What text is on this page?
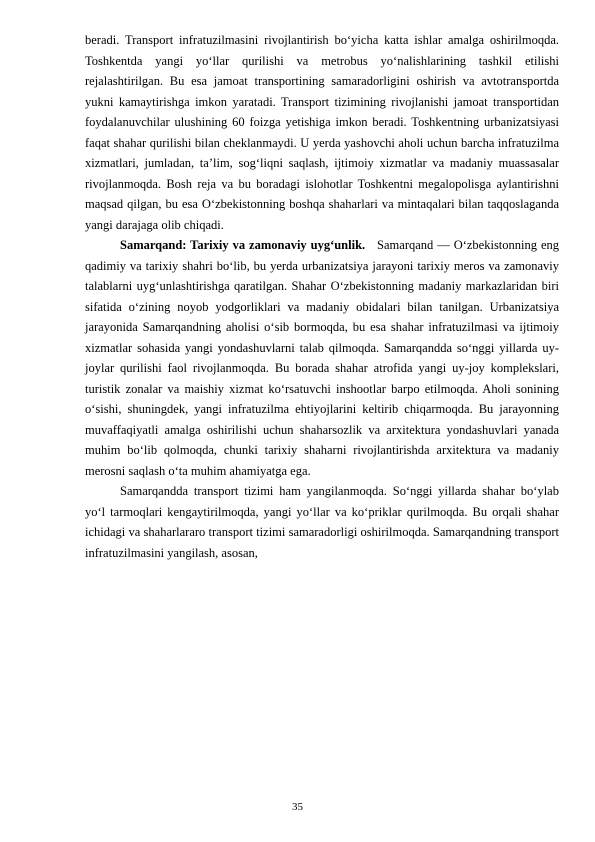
beradi. Transport infratuzilmasini rivojlantirish bo‘yicha katta ishlar amalga oshirilmoqda. Toshkentda yangi yo‘llar qurilishi va metrobus yo‘nalishlarining tashkil etilishi rejalashtirilgan. Bu esa jamoat transportining samaradorligini oshirish va avtotransportda yukni kamaytirishga imkon yaratadi. Transport tizimining rivojlanishi jamoat transportidan foydalanuvchilar ulushining 60 foizga yetishiga imkon beradi. Toshkentning urbanizatsiyasi faqat shahar qurilishi bilan cheklanmaydi. U yerda yashovchi aholi uchun barcha infratuzilma xizmatlari, jumladan, ta’lim, sog‘liqni saqlash, ijtimoiy xizmatlar va madaniy muassasalar rivojlanmoqda. Bosh reja va bu boradagi islohotlar Toshkentni megalopolisga aylantirishni maqsad qilgan, bu esa O‘zbekistonning boshqa shaharlari va mintaqalari bilan taqqoslaganda yangi darajaga olib chiqadi.

Samarqand: Tarixiy va zamonaviy uyg‘unlik. Samarqand — O‘zbekistonning eng qadimiy va tarixiy shahri bo‘lib, bu yerda urbanizatsiya jarayoni tarixiy meros va zamonaviy talablarni uyg‘unlashtirishga qaratilgan. Shahar O‘zbekistonning madaniy markazlaridan biri sifatida o‘zining noyob yodgorliklari va madaniy obidalari bilan tanilgan. Urbanizatsiya jarayonida Samarqandning aholisi o‘sib bormoqda, bu esa shahar infratuzilmasi va ijtimoiy xizmatlar sohasida yangi yondashuvlarni talab qilmoqda. Samarqandda so‘nggi yillarda uy-joylar qurilishi faol rivojlanmoqda. Bu borada shahar atrofida yangi uy-joy komplekslari, turistik zonalar va maishiy xizmat ko‘rsatuvchi inshootlar barpo etilmoqda. Aholi sonining o‘sishi, shuningdek, yangi infratuzilma ehtiyojlarini keltirib chiqarmoqda. Bu jarayonning muvaffaqiyatli amalga oshirilishi uchun shaharsozlik va arxitektura yondashuvlari yanada muhim bo‘lib qolmoqda, chunki tarixiy shaharni rivojlantirishda arxitektura va madaniy merosni saqlash o‘ta muhim ahamiyatga ega.

Samarqandda transport tizimi ham yangilanmoqda. So‘nggi yillarda shahar bo‘ylab yo‘l tarmoqlari kengaytirilmoqda, yangi yo‘llar va ko‘priklar qurilmoqda. Bu orqali shahar ichidagi va shaharlararo transport tizimi samaradorligi oshirilmoqda. Samarqandning transport infratuzilmasini yangilash, asosan,

35
